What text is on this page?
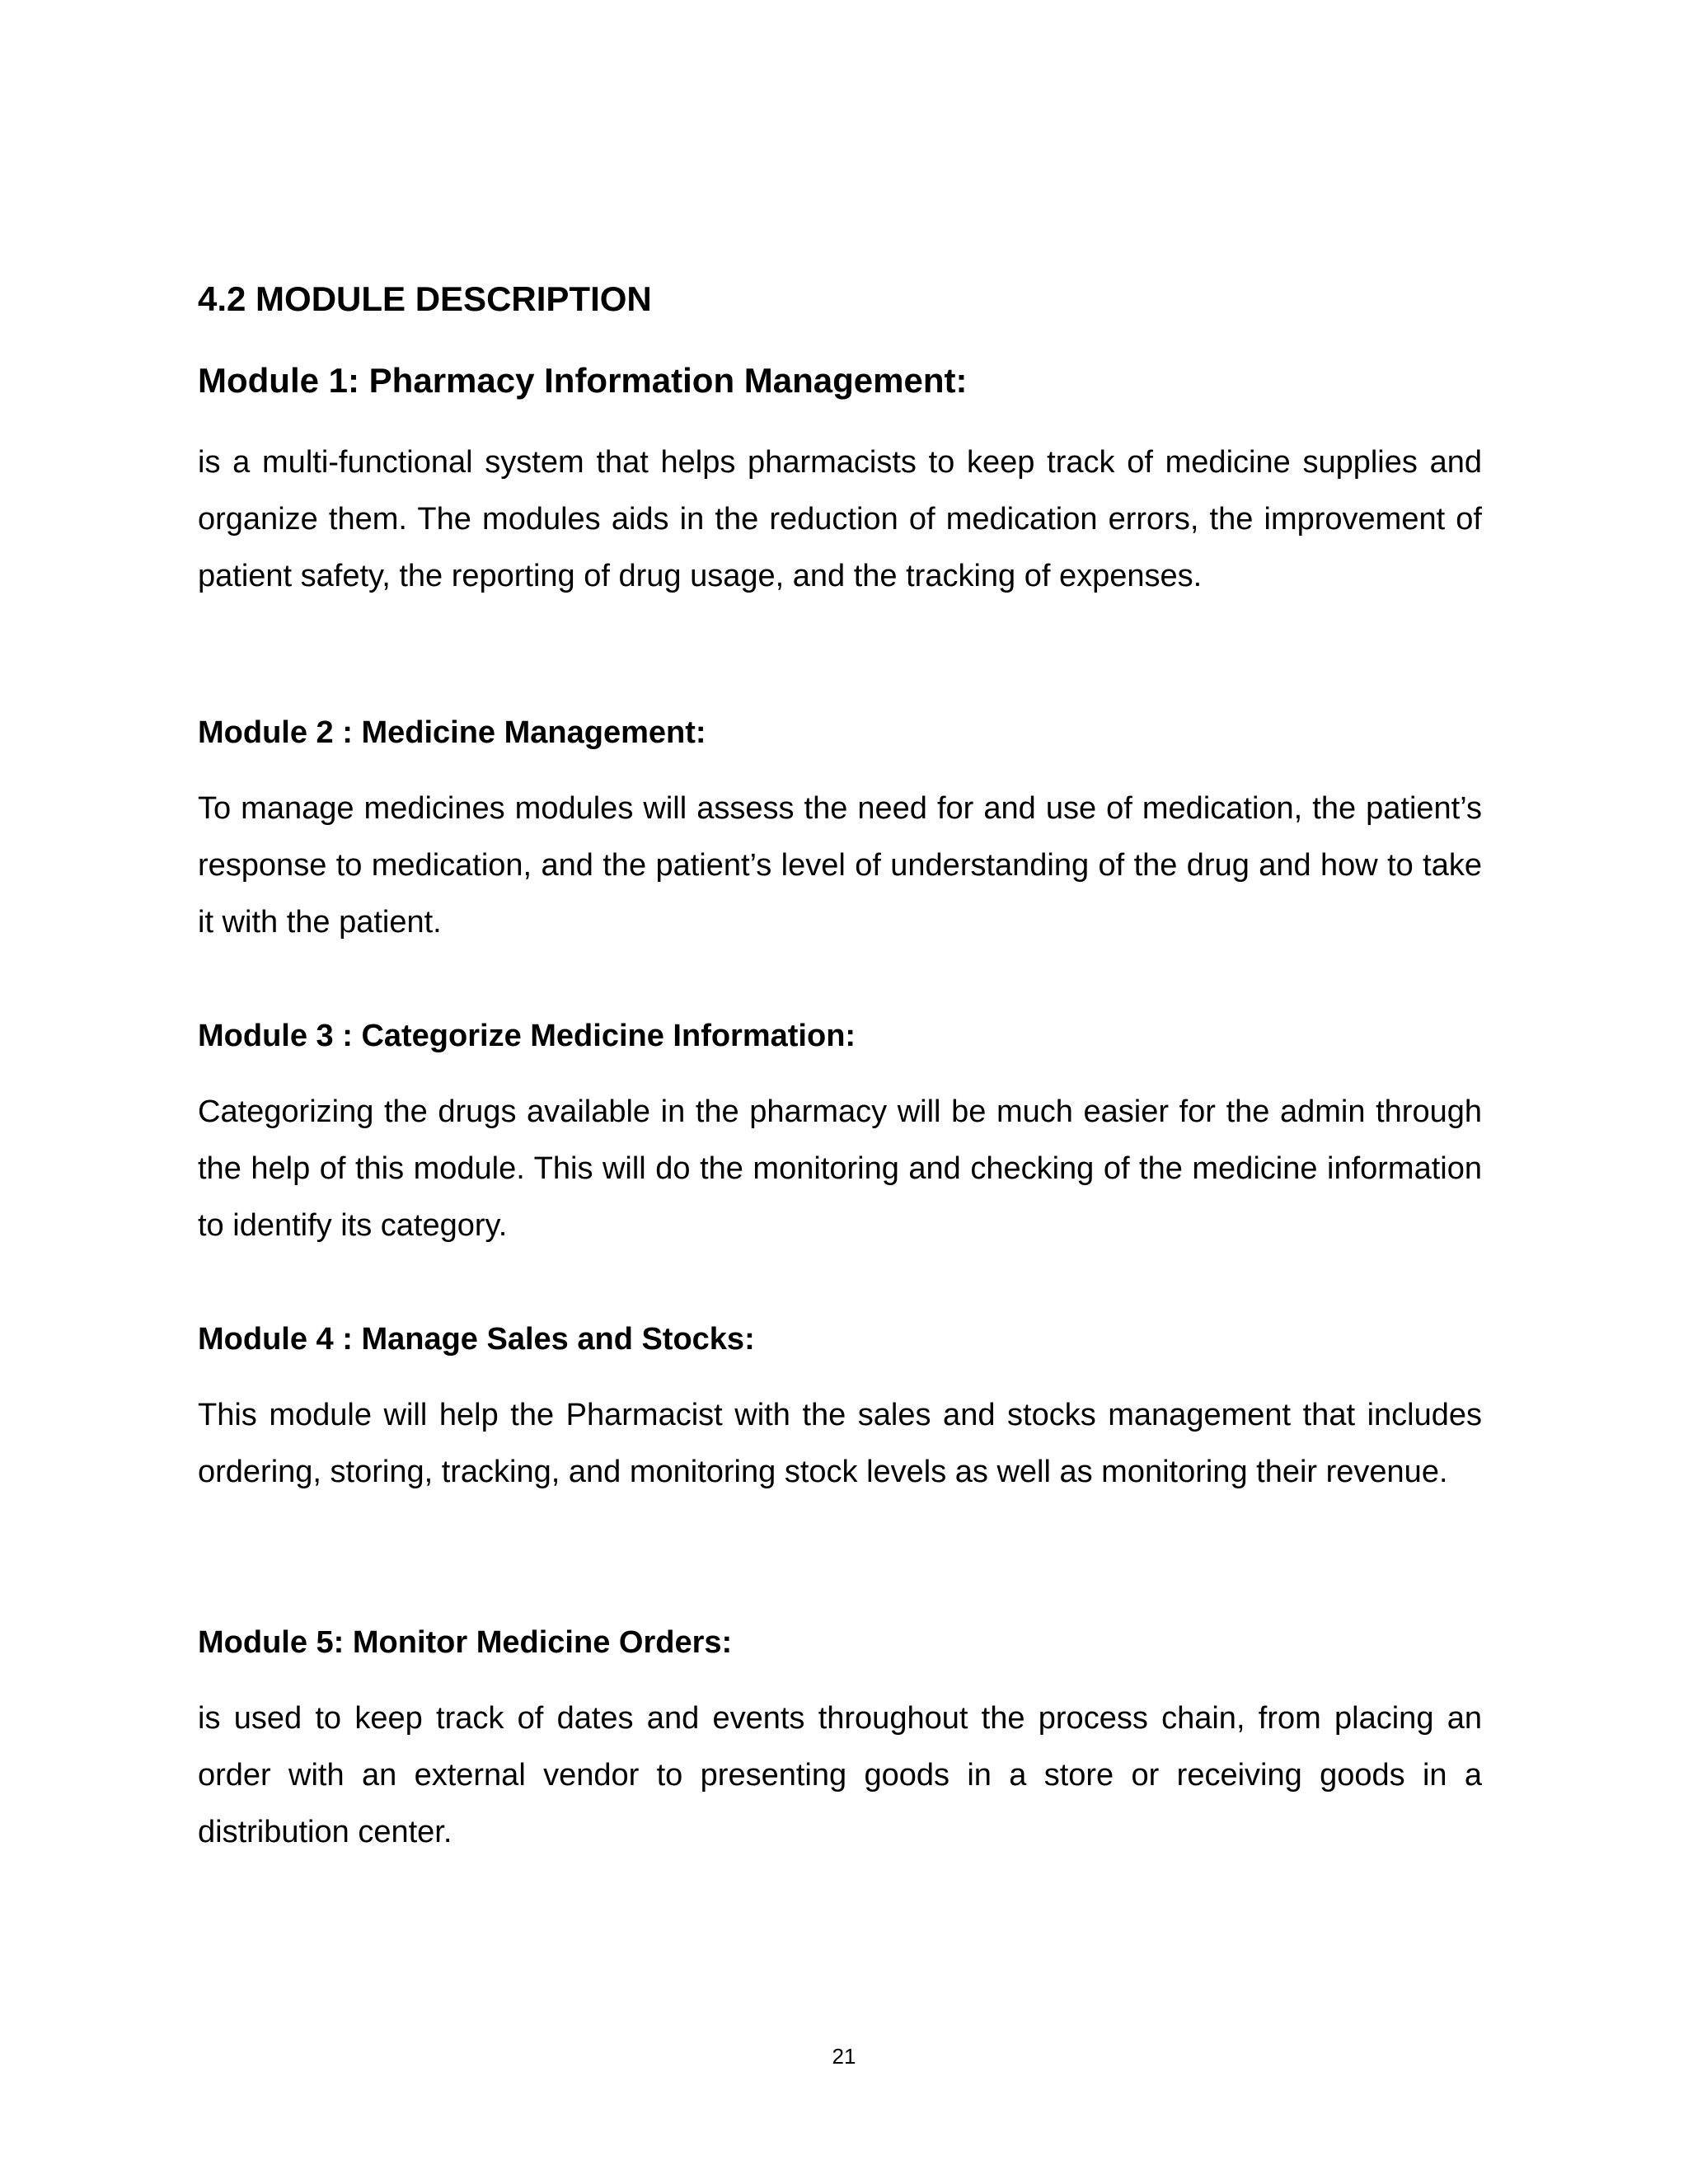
4.2 MODULE DESCRIPTION
Module 1: Pharmacy Information Management:

is a multi-functional system that helps pharmacists to keep track of medicine supplies and organize them. The modules aids in the reduction of medication errors, the improvement of patient safety, the reporting of drug usage, and the tracking of expenses.

Module 2 : Medicine Management:

To manage medicines modules will assess the need for and use of medication, the patient’s response to medication, and the patient’s level of understanding of the drug and how to take it with the patient.

Module 3 : Categorize Medicine Information:

Categorizing the drugs available in the pharmacy will be much easier for the admin through the help of this module. This will do the monitoring and checking of the medicine information to identify its category.

Module 4 : Manage Sales and Stocks:

This module will help the Pharmacist with the sales and stocks management that includes ordering, storing, tracking, and monitoring stock levels as well as monitoring their revenue.

Module 5: Monitor Medicine Orders:

is used to keep track of dates and events throughout the process chain, from placing an order with an external vendor to presenting goods in a store or receiving goods in a distribution center.

21
